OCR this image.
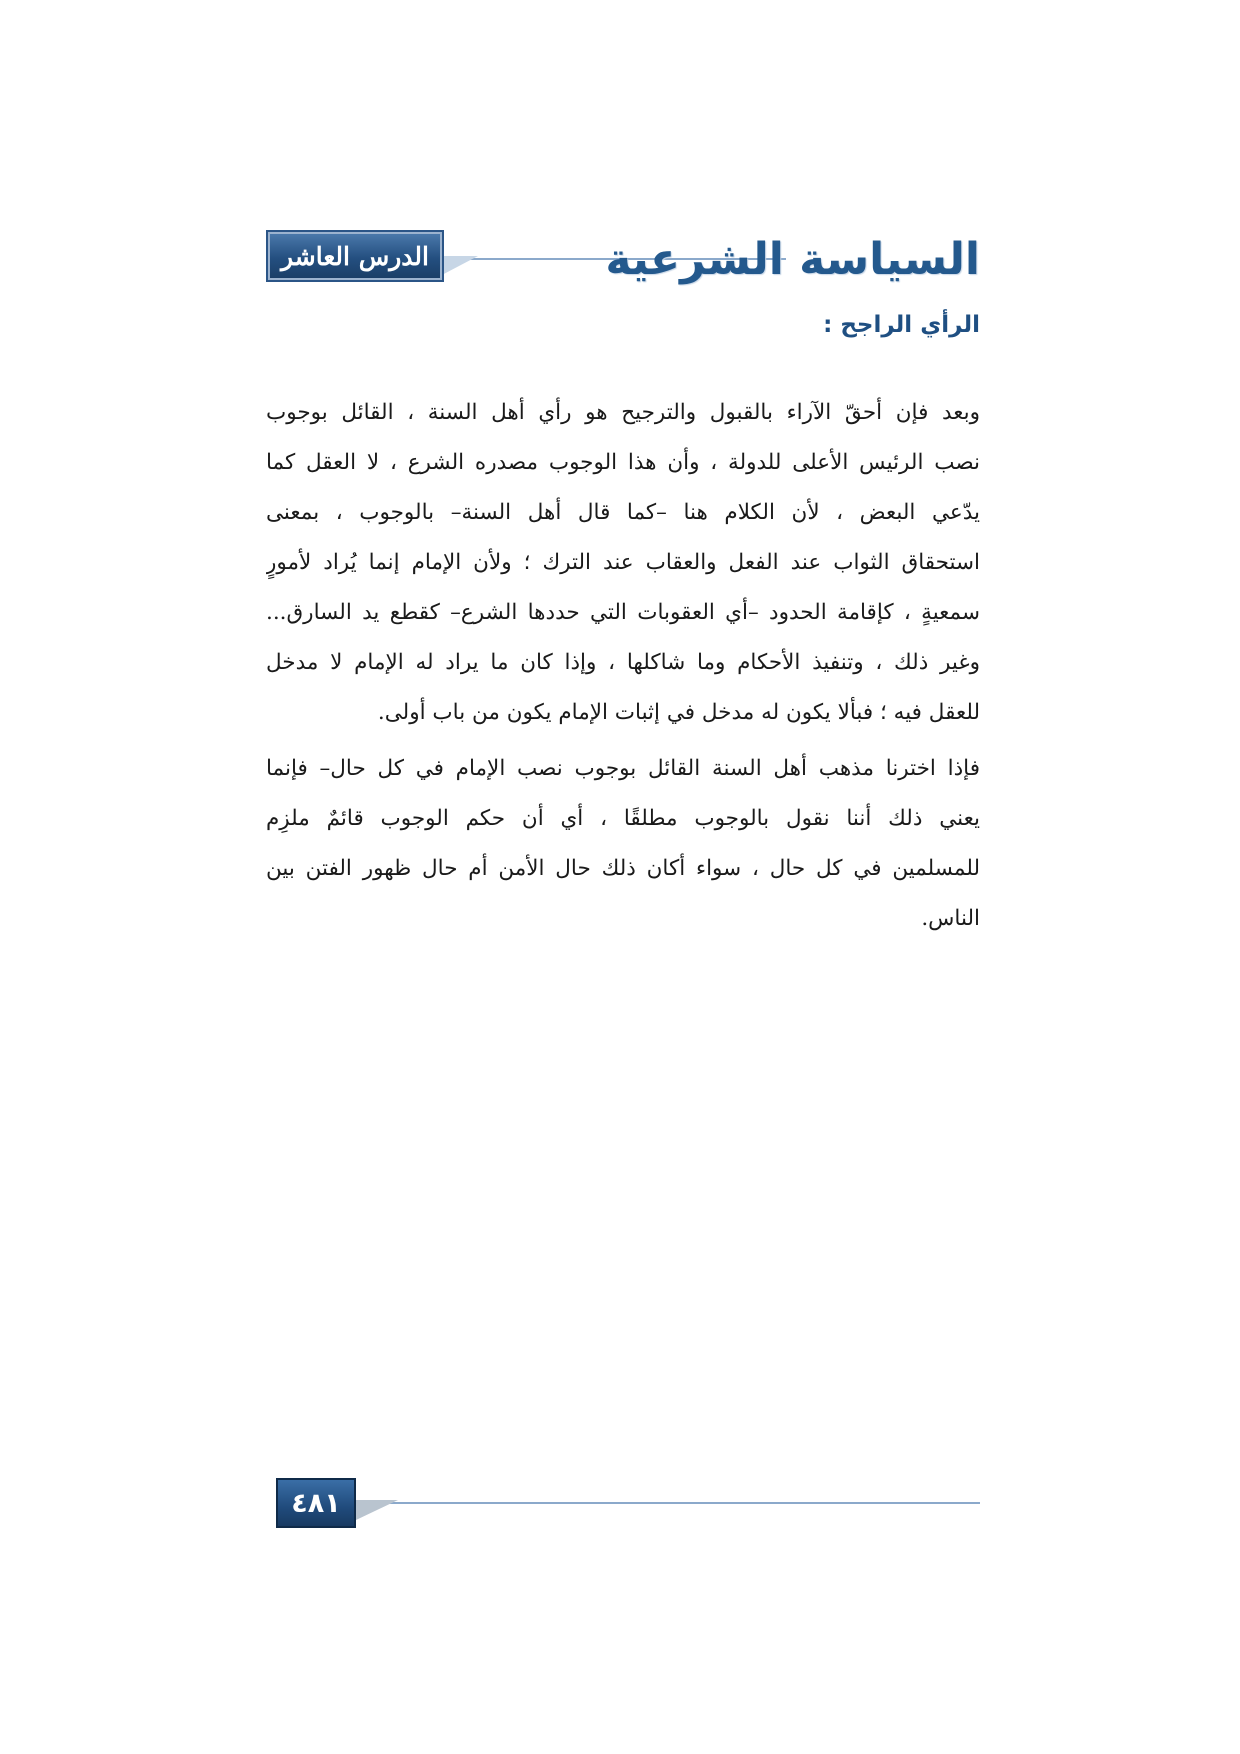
الدرس العاشر	السياسة الشرعية
الرأي الراجح :
وبعد فإن أحقّ الآراء بالقبول والترجيح هو رأي أهل السنة ، القائل بوجوب
نصب الرئيس الأعلى للدولة ، وأن هذا الوجوب مصدره الشرع ، لا العقل كما
يدّعي البعض ، لأن الكلام هنا –كما قال أهل السنة– بالوجوب ، بمعنى
استحقاق الثواب عند الفعل والعقاب عند الترك ؛ ولأن الإمام إنما يُراد لأمورٍ
سمعيةٍ ، كإقامة الحدود –أي العقوبات التي حددها الشرع– كقطع يد السارق...
وغير ذلك ، وتنفيذ الأحكام وما شاكلها ، وإذا كان ما يراد له الإمام لا مدخل
للعقل فيه ؛ فبألا يكون له مدخل في إثبات الإمام يكون من باب أولى.
فإذا اخترنا مذهب أهل السنة القائل بوجوب نصب الإمام في كل حال– فإنما
يعني ذلك أننا نقول بالوجوب مطلقًا ، أي أن حكم الوجوب قائمٌ ملزِم
للمسلمين في كل حال ، سواء أكان ذلك حال الأمن أم حال ظهور الفتن بين
الناس.
٤٨١
